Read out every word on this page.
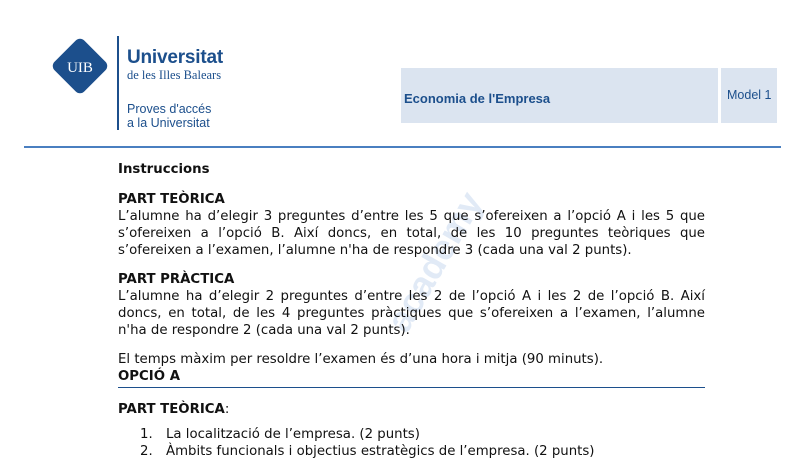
UIB Universitat
de les Illes Balears
Proves d'accés
a la Universitat
Economia de l'Empresa	Model 1
academy

Instruccions

PART TEÒRICA

L’alumne ha d’elegir 3 preguntes d’entre les 5 que s’ofereixen a l’opció A i les 5 que s’ofereixen a l’opció B. Així doncs, en total, de les 10 preguntes teòriques que s’ofereixen a l’examen, l’alumne n'ha de respondre 3 (cada una val 2 punts).

PART PRÀCTICA

L’alumne ha d’elegir 2 preguntes d’entre les 2 de l’opció A i les 2 de l’opció B. Així doncs, en total, de les 4 preguntes pràctiques que s’ofereixen a l’examen, l’alumne n'ha de respondre 2 (cada una val 2 punts).

El temps màxim per resoldre l’examen és d’una hora i mitja (90 minuts).

OPCIÓ A

PART TEÒRICA:

1. La localització de l’empresa. (2 punts)
2. Àmbits funcionals i objectius estratègics de l’empresa. (2 punts)
